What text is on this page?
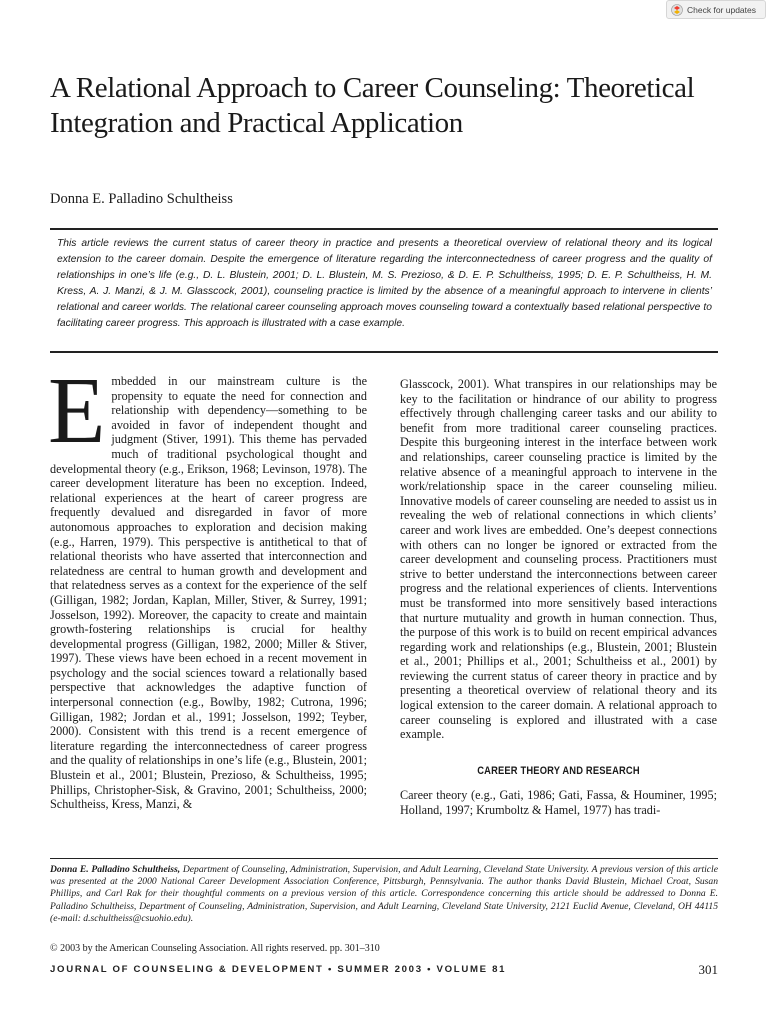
Check for updates
A Relational Approach to Career Counseling: Theoretical Integration and Practical Application
Donna E. Palladino Schultheiss

This article reviews the current status of career theory in practice and presents a theoretical overview of relational theory and its logical extension to the career domain. Despite the emergence of literature regarding the interconnectedness of career progress and the quality of relationships in one’s life (e.g., D. L. Blustein, 2001; D. L. Blustein, M. S. Prezioso, & D. E. P. Schultheiss, 1995; D. E. P. Schultheiss, H. M. Kress, A. J. Manzi, & J. M. Glasscock, 2001), counseling practice is limited by the absence of a meaningful approach to intervene in clients’ relational and career worlds. The relational career counseling approach moves counseling toward a contextually based relational perspective to facilitating career progress. This approach is illustrated with a case example.

Embedded in our mainstream culture is the propensity to equate the need for connection and relationship with dependency—something to be avoided in favor of independent thought and judgment (Stiver, 1991). This theme has pervaded much of traditional psychological thought and developmental theory (e.g., Erikson, 1968; Levinson, 1978). The career development literature has been no exception. Indeed, relational experiences at the heart of career progress are frequently devalued and disregarded in favor of more autonomous approaches to exploration and decision making (e.g., Harren, 1979). This perspective is antithetical to that of relational theorists who have asserted that interconnection and relatedness are central to human growth and development and that relatedness serves as a context for the experience of the self (Gilligan, 1982; Jordan, Kaplan, Miller, Stiver, & Surrey, 1991; Josselson, 1992). Moreover, the capacity to create and maintain growth-fostering relationships is crucial for healthy developmental progress (Gilligan, 1982, 2000; Miller & Stiver, 1997). These views have been echoed in a recent movement in psychology and the social sciences toward a relationally based perspective that acknowledges the adaptive function of interpersonal connection (e.g., Bowlby, 1982; Cutrona, 1996; Gilligan, 1982; Jordan et al., 1991; Josselson, 1992; Teyber, 2000). Consistent with this trend is a recent emergence of literature regarding the interconnectedness of career progress and the quality of relationships in one’s life (e.g., Blustein, 2001; Blustein et al., 2001; Blustein, Prezioso, & Schultheiss, 1995; Phillips, Christopher-Sisk, & Gravino, 2001; Schultheiss, 2000; Schultheiss, Kress, Manzi, &

Glasscock, 2001). What transpires in our relationships may be key to the facilitation or hindrance of our ability to progress effectively through challenging career tasks and our ability to benefit from more traditional career counseling practices. Despite this burgeoning interest in the interface between work and relationships, career counseling practice is limited by the relative absence of a meaningful approach to intervene in the work/relationship space in the career counseling milieu. Innovative models of career counseling are needed to assist us in revealing the web of relational connections in which clients’ career and work lives are embedded. One’s deepest connections with others can no longer be ignored or extracted from the career development and counseling process. Practitioners must strive to better understand the interconnections between career progress and the relational experiences of clients. Interventions must be transformed into more sensitively based interactions that nurture mutuality and growth in human connection. Thus, the purpose of this work is to build on recent empirical advances regarding work and relationships (e.g., Blustein, 2001; Blustein et al., 2001; Phillips et al., 2001; Schultheiss et al., 2001) by reviewing the current status of career theory in practice and by presenting a theoretical overview of relational theory and its logical extension to the career domain. A relational approach to career counseling is explored and illustrated with a case example.

CAREER THEORY AND RESEARCH

Career theory (e.g., Gati, 1986; Gati, Fassa, & Houminer, 1995; Holland, 1997; Krumboltz & Hamel, 1977) has tradi-

Donna E. Palladino Schultheiss, Department of Counseling, Administration, Supervision, and Adult Learning, Cleveland State University. A previous version of this article was presented at the 2000 National Career Development Association Conference, Pittsburgh, Pennsylvania. The author thanks David Blustein, Michael Croat, Susan Phillips, and Carl Rak for their thoughtful comments on a previous version of this article. Correspondence concerning this article should be addressed to Donna E. Palladino Schultheiss, Department of Counseling, Administration, Supervision, and Adult Learning, Cleveland State University, 2121 Euclid Avenue, Cleveland, OH 44115 (e-mail: d.schultheiss@csuohio.edu).

© 2003 by the American Counseling Association. All rights reserved. pp. 301–310
JOURNAL OF COUNSELING & DEVELOPMENT • SUMMER 2003 • VOLUME 81	301
